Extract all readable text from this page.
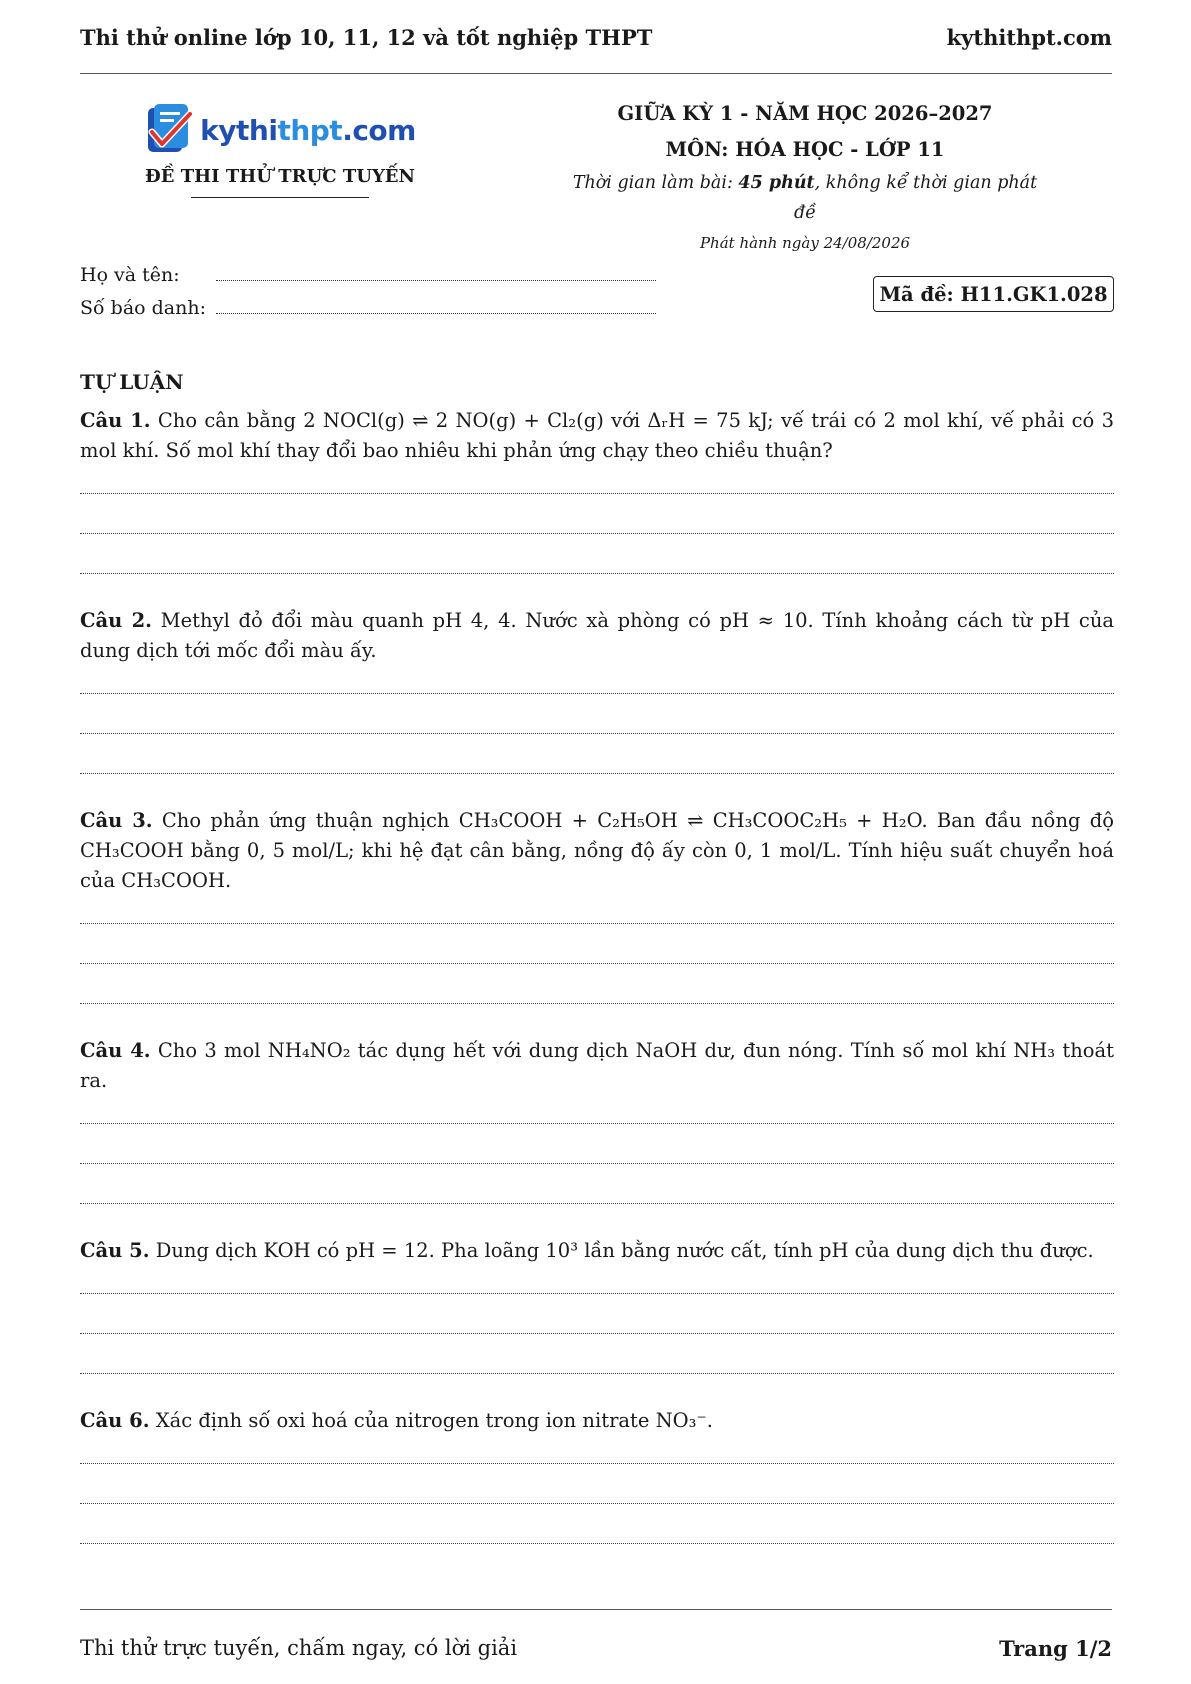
Thi thử online lớp 10, 11, 12 và tốt nghiệp THPT	kythithpt.com
kythithpt.com
ĐỀ THI THỬ TRỰC TUYẾN
GIỮA KỲ 1 - NĂM HỌC 2026–2027
MÔN: HÓA HỌC - LỚP 11
Thời gian làm bài: 45 phút, không kể thời gian phát đề
Phát hành ngày 24/08/2026
Họ và tên:
Số báo danh:
Mã đề: H11.GK1.028
TỰ LUẬN

Câu 1. Cho cân bằng 2 NOCl(g) ⇌ 2 NO(g) + Cl₂(g) với ΔᵣH = 75 kJ; vế trái có 2 mol khí, vế phải có 3 mol khí. Số mol khí thay đổi bao nhiêu khi phản ứng chạy theo chiều thuận?

Câu 2. Methyl đỏ đổi màu quanh pH 4, 4. Nước xà phòng có pH ≈ 10. Tính khoảng cách từ pH của dung dịch tới mốc đổi màu ấy.

Câu 3. Cho phản ứng thuận nghịch CH₃COOH + C₂H₅OH ⇌ CH₃COOC₂H₅ + H₂O. Ban đầu nồng độ CH₃COOH bằng 0, 5 mol/L; khi hệ đạt cân bằng, nồng độ ấy còn 0, 1 mol/L. Tính hiệu suất chuyển hoá của CH₃COOH.

Câu 4. Cho 3 mol NH₄NO₂ tác dụng hết với dung dịch NaOH dư, đun nóng. Tính số mol khí NH₃ thoát ra.

Câu 5. Dung dịch KOH có pH = 12. Pha loãng 10³ lần bằng nước cất, tính pH của dung dịch thu được.

Câu 6. Xác định số oxi hoá của nitrogen trong ion nitrate NO₃⁻.

Thi thử trực tuyến, chấm ngay, có lời giải	Trang 1/2
